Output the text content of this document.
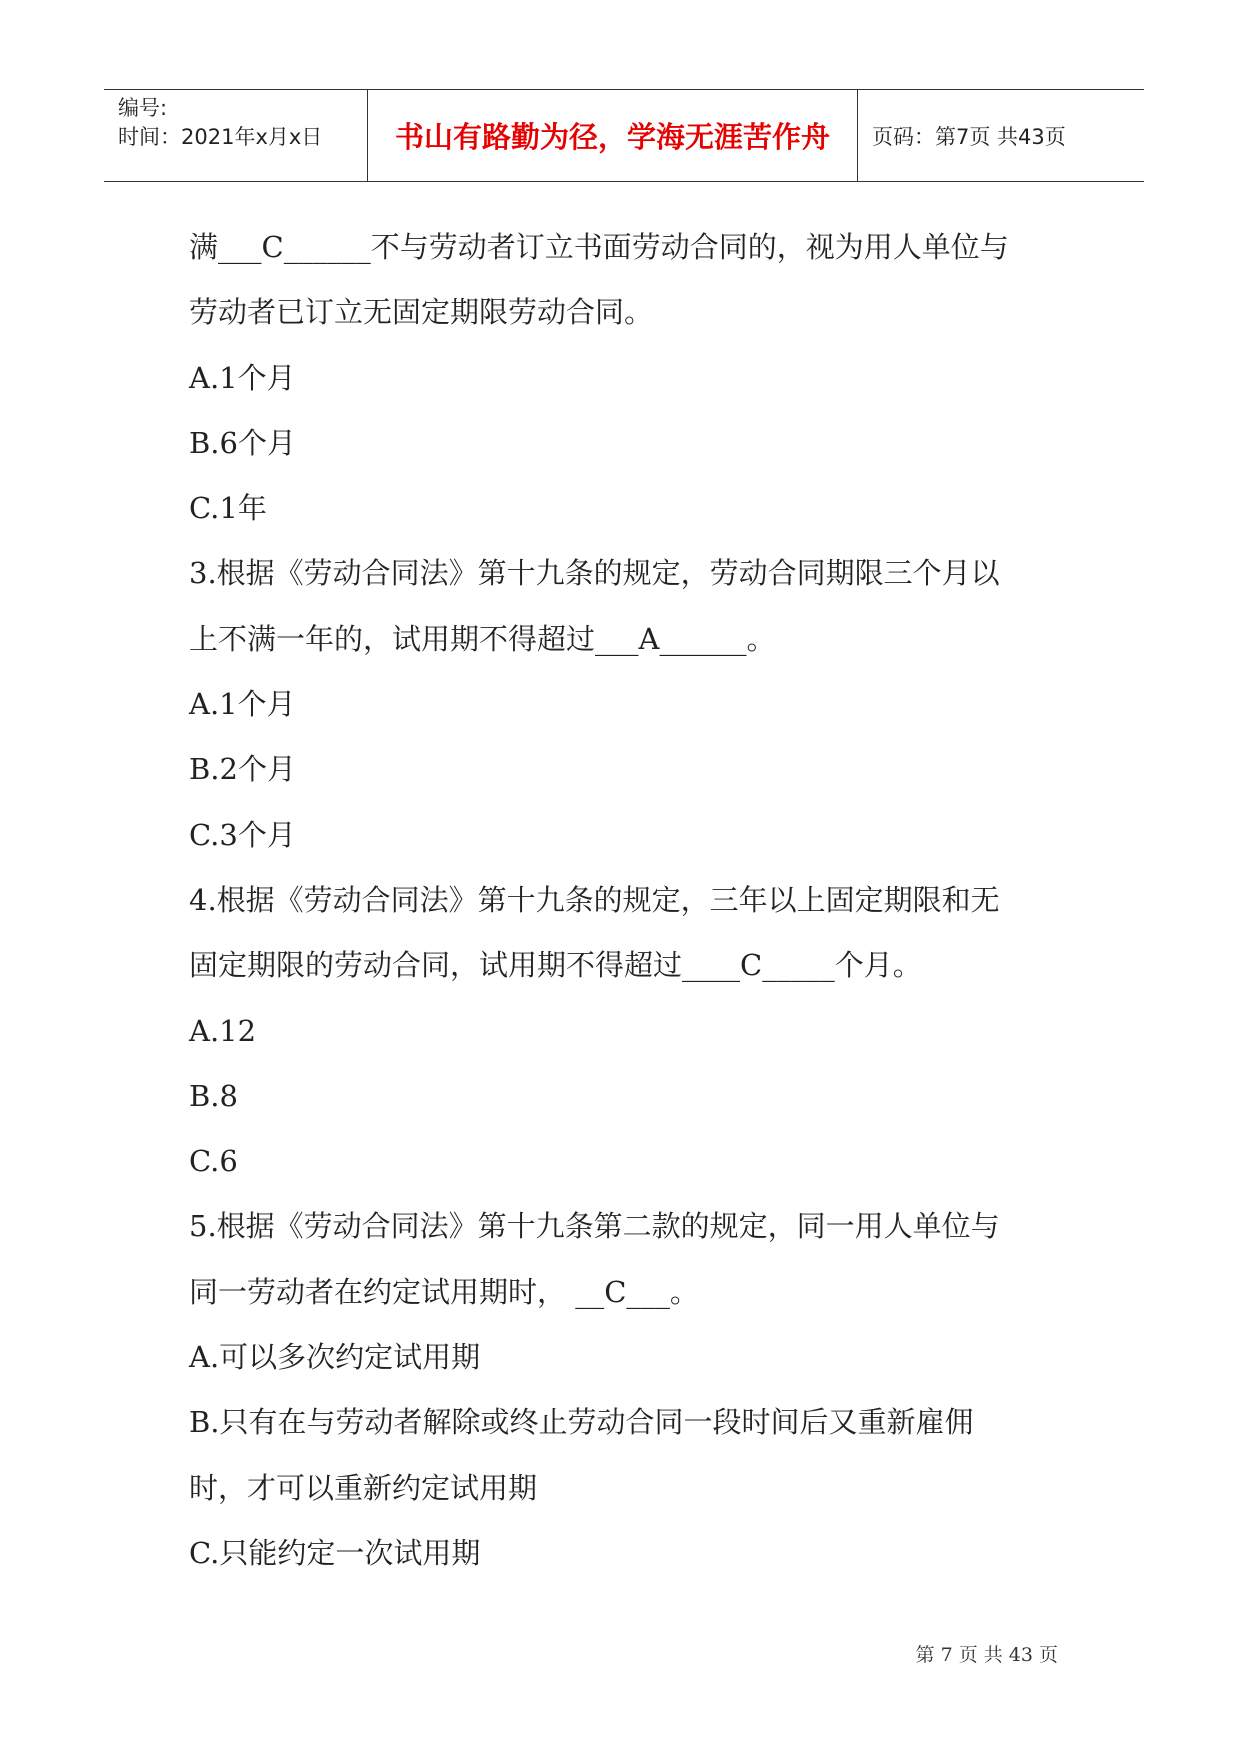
编号:
时间：2021年x月x日	书山有路勤为径，学海无涯苦作舟	页码：第7页 共43页

满___C______不与劳动者订立书面劳动合同的，视为用人单位与

劳动者已订立无固定期限劳动合同。

A.1个月

B.6个月

C.1年

3.根据《劳动合同法》第十九条的规定，劳动合同期限三个月以

上不满一年的，试用期不得超过___A______。

A.1个月

B.2个月

C.3个月

4.根据《劳动合同法》第十九条的规定，三年以上固定期限和无

固定期限的劳动合同，试用期不得超过____C_____个月。

A.12

B.8

C.6

5.根据《劳动合同法》第十九条第二款的规定，同一用人单位与

同一劳动者在约定试用期时， __C___。

A.可以多次约定试用期

B.只有在与劳动者解除或终止劳动合同一段时间后又重新雇佣

时，才可以重新约定试用期

C.只能约定一次试用期

第 7 页 共 43 页
